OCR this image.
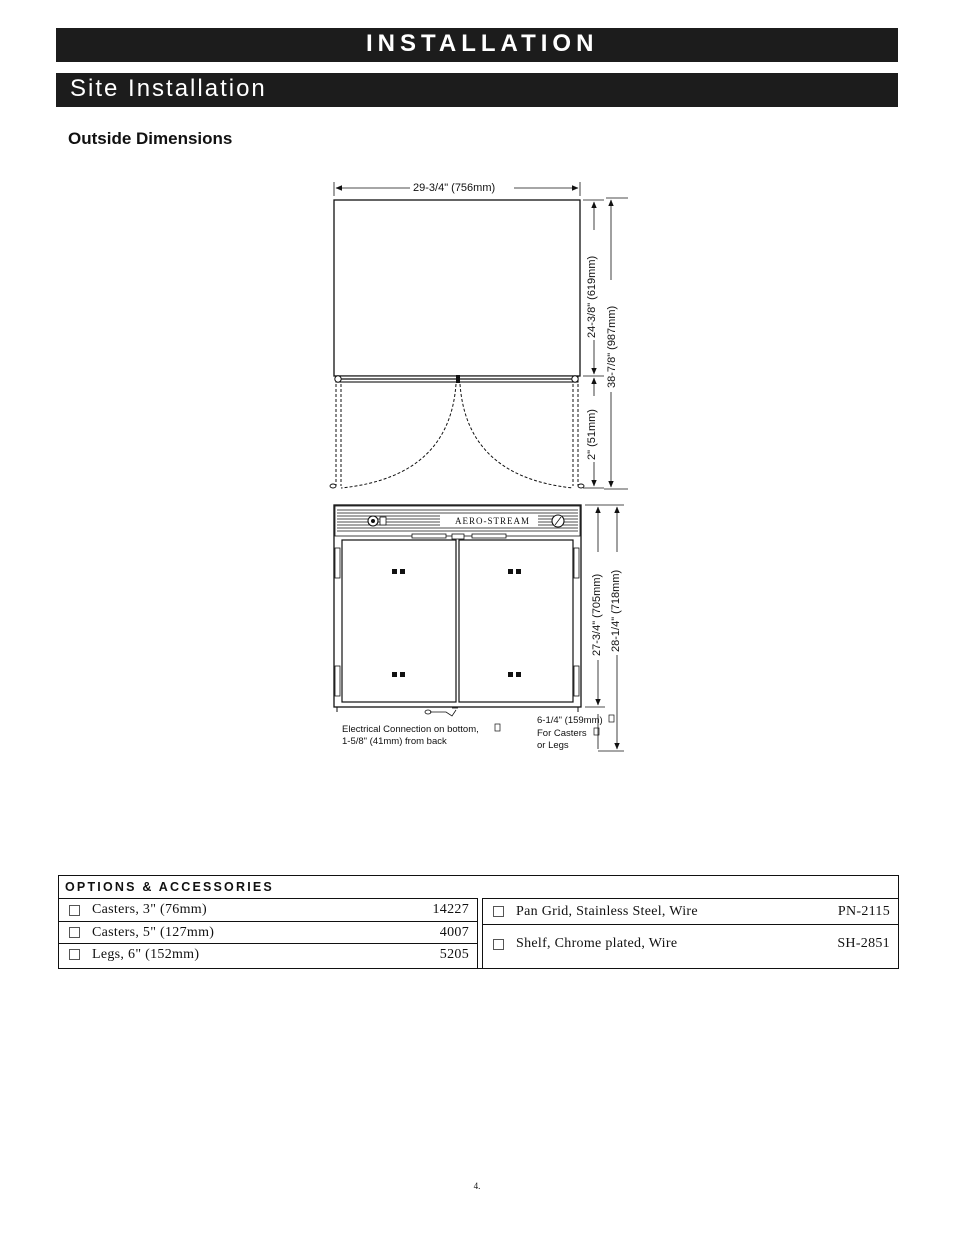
INSTALLATION
Site Installation
Outside Dimensions
29-3/4" (756mm)
24-3/8" (619mm)
38-7/8" (987mm)
2" (51mm)
AERO-STREAM
27-3/4" (705mm) 28-1/4" (718mm)
Electrical Connection on bottom,
1-5/8" (41mm) from back
6-1/4" (159mm)
For Casters
or Legs
OPTIONS & ACCESSORIES
Casters, 3" (76mm)	14227
Casters, 5" (127mm)	4007
Legs, 6" (152mm)	5205
Pan Grid, Stainless Steel, Wire	PN-2115
Shelf, Chrome plated, Wire	SH-2851
4.
